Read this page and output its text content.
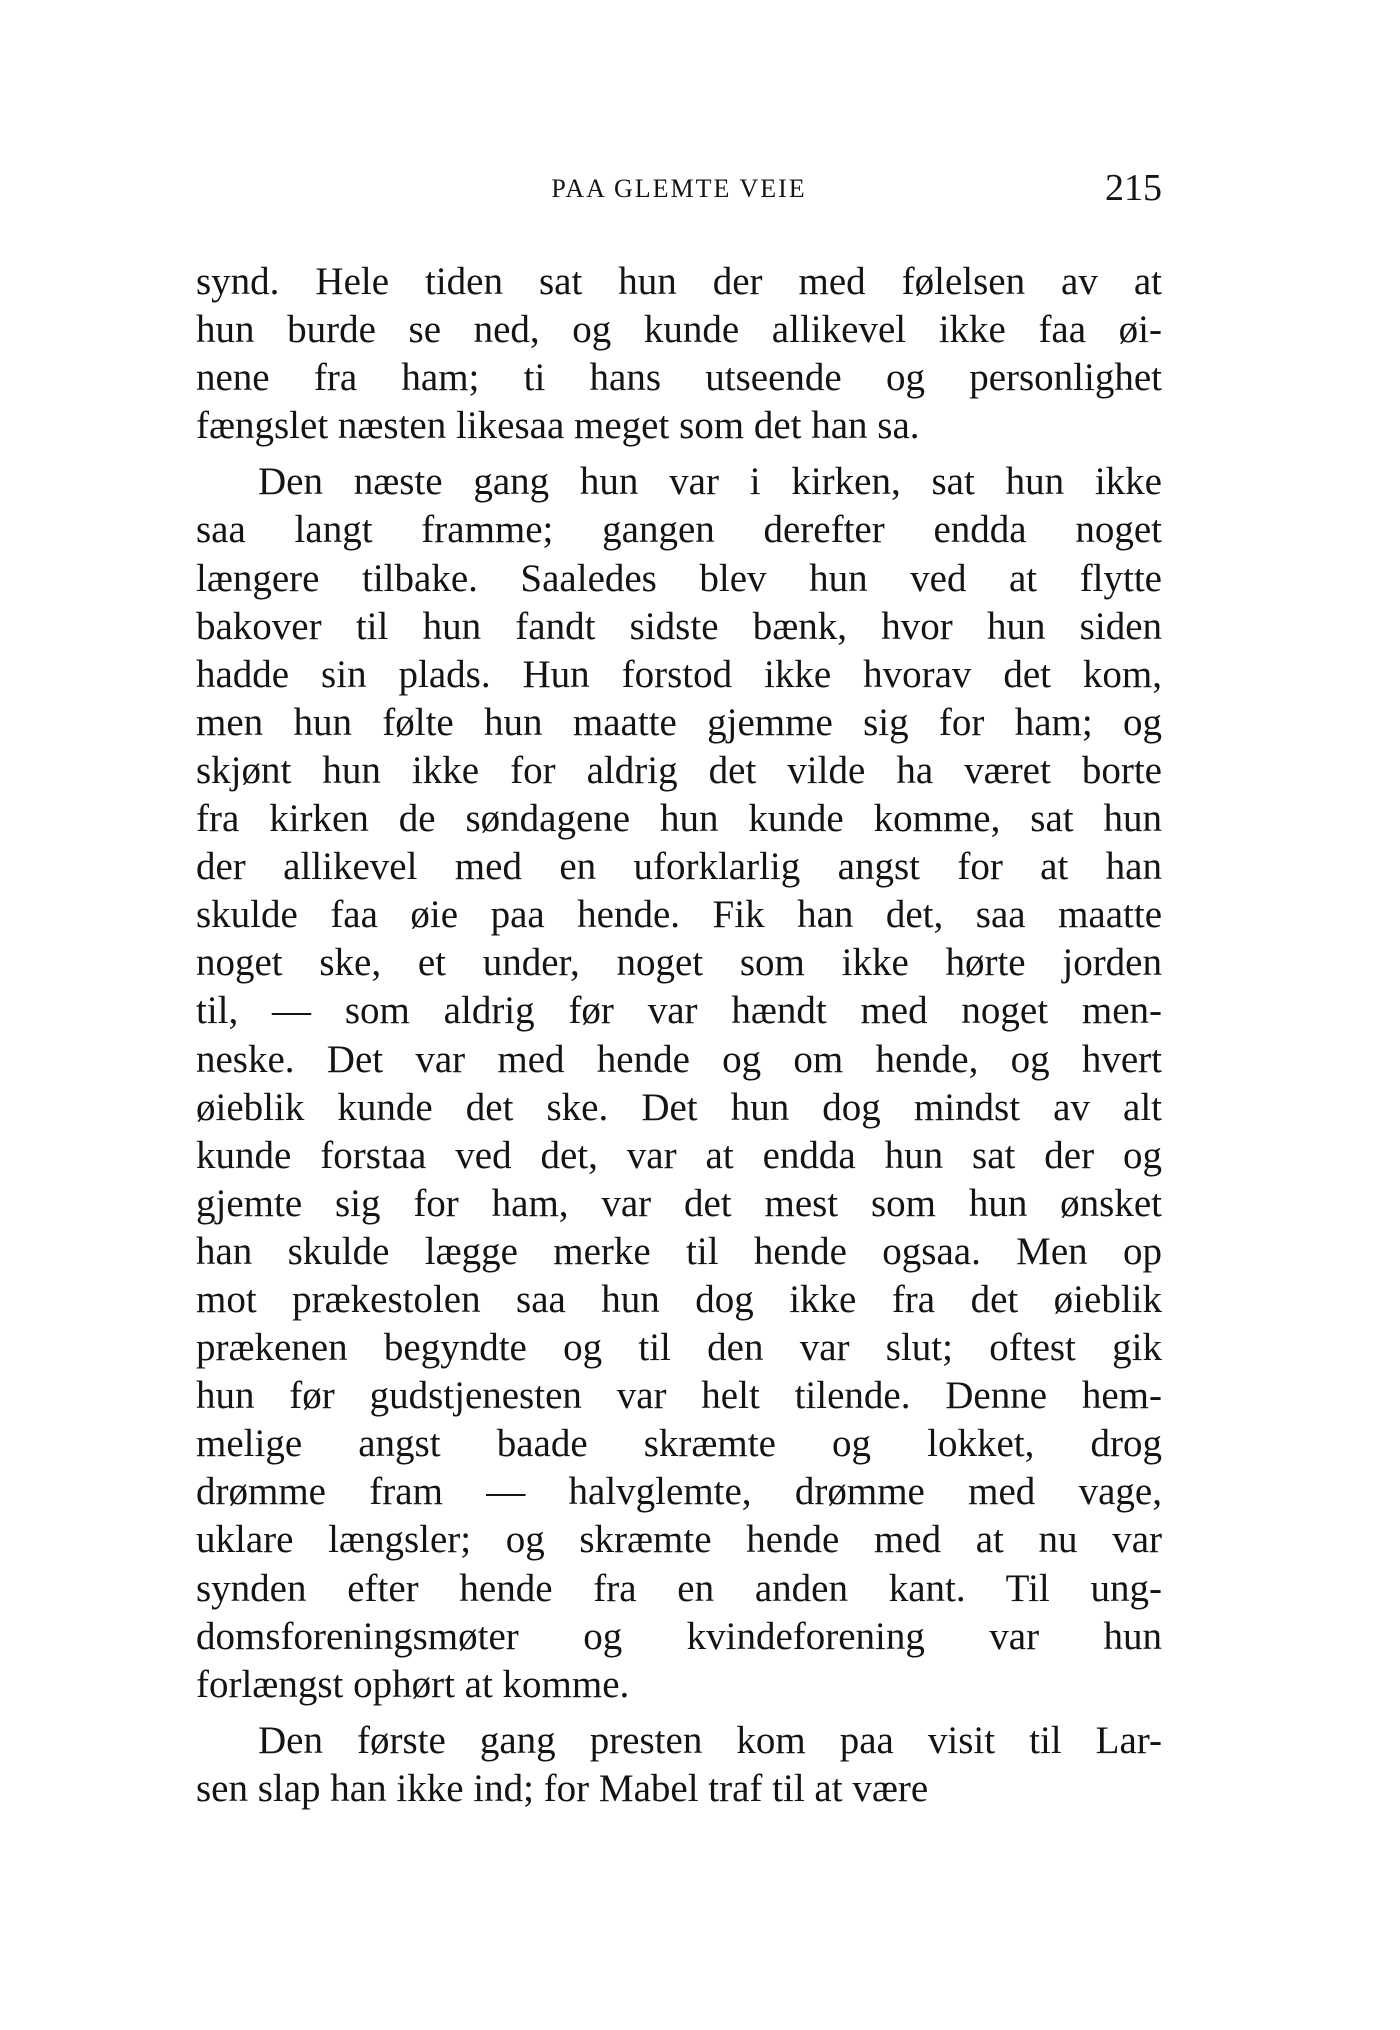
PAA GLEMTE VEIE	215
synd. Hele tiden sat hun der med følelsen av at
hun burde se ned, og kunde allikevel ikke faa øi-
nene fra ham; ti hans utseende og personlighet
fængslet næsten likesaa meget som det han sa.
Den næste gang hun var i kirken, sat hun ikke
saa langt framme; gangen derefter endda noget
længere tilbake. Saaledes blev hun ved at flytte
bakover til hun fandt sidste bænk, hvor hun siden
hadde sin plads. Hun forstod ikke hvorav det kom,
men hun følte hun maatte gjemme sig for ham; og
skjønt hun ikke for aldrig det vilde ha været borte
fra kirken de søndagene hun kunde komme, sat hun
der allikevel med en uforklarlig angst for at han
skulde faa øie paa hende. Fik han det, saa maatte
noget ske, et under, noget som ikke hørte jorden
til, — som aldrig før var hændt med noget men-
neske. Det var med hende og om hende, og hvert
øieblik kunde det ske. Det hun dog mindst av alt
kunde forstaa ved det, var at endda hun sat der og
gjemte sig for ham, var det mest som hun ønsket
han skulde lægge merke til hende ogsaa. Men op
mot prækestolen saa hun dog ikke fra det øieblik
prækenen begyndte og til den var slut; oftest gik
hun før gudstjenesten var helt tilende. Denne hem-
melige angst baade skræmte og lokket, drog
drømme fram — halvglemte, drømme med vage,
uklare længsler; og skræmte hende med at nu var
synden efter hende fra en anden kant. Til ung-
domsforeningsmøter og kvindeforening var hun
forlængst ophørt at komme.
Den første gang presten kom paa visit til Lar-
sen slap han ikke ind; for Mabel traf til at være
